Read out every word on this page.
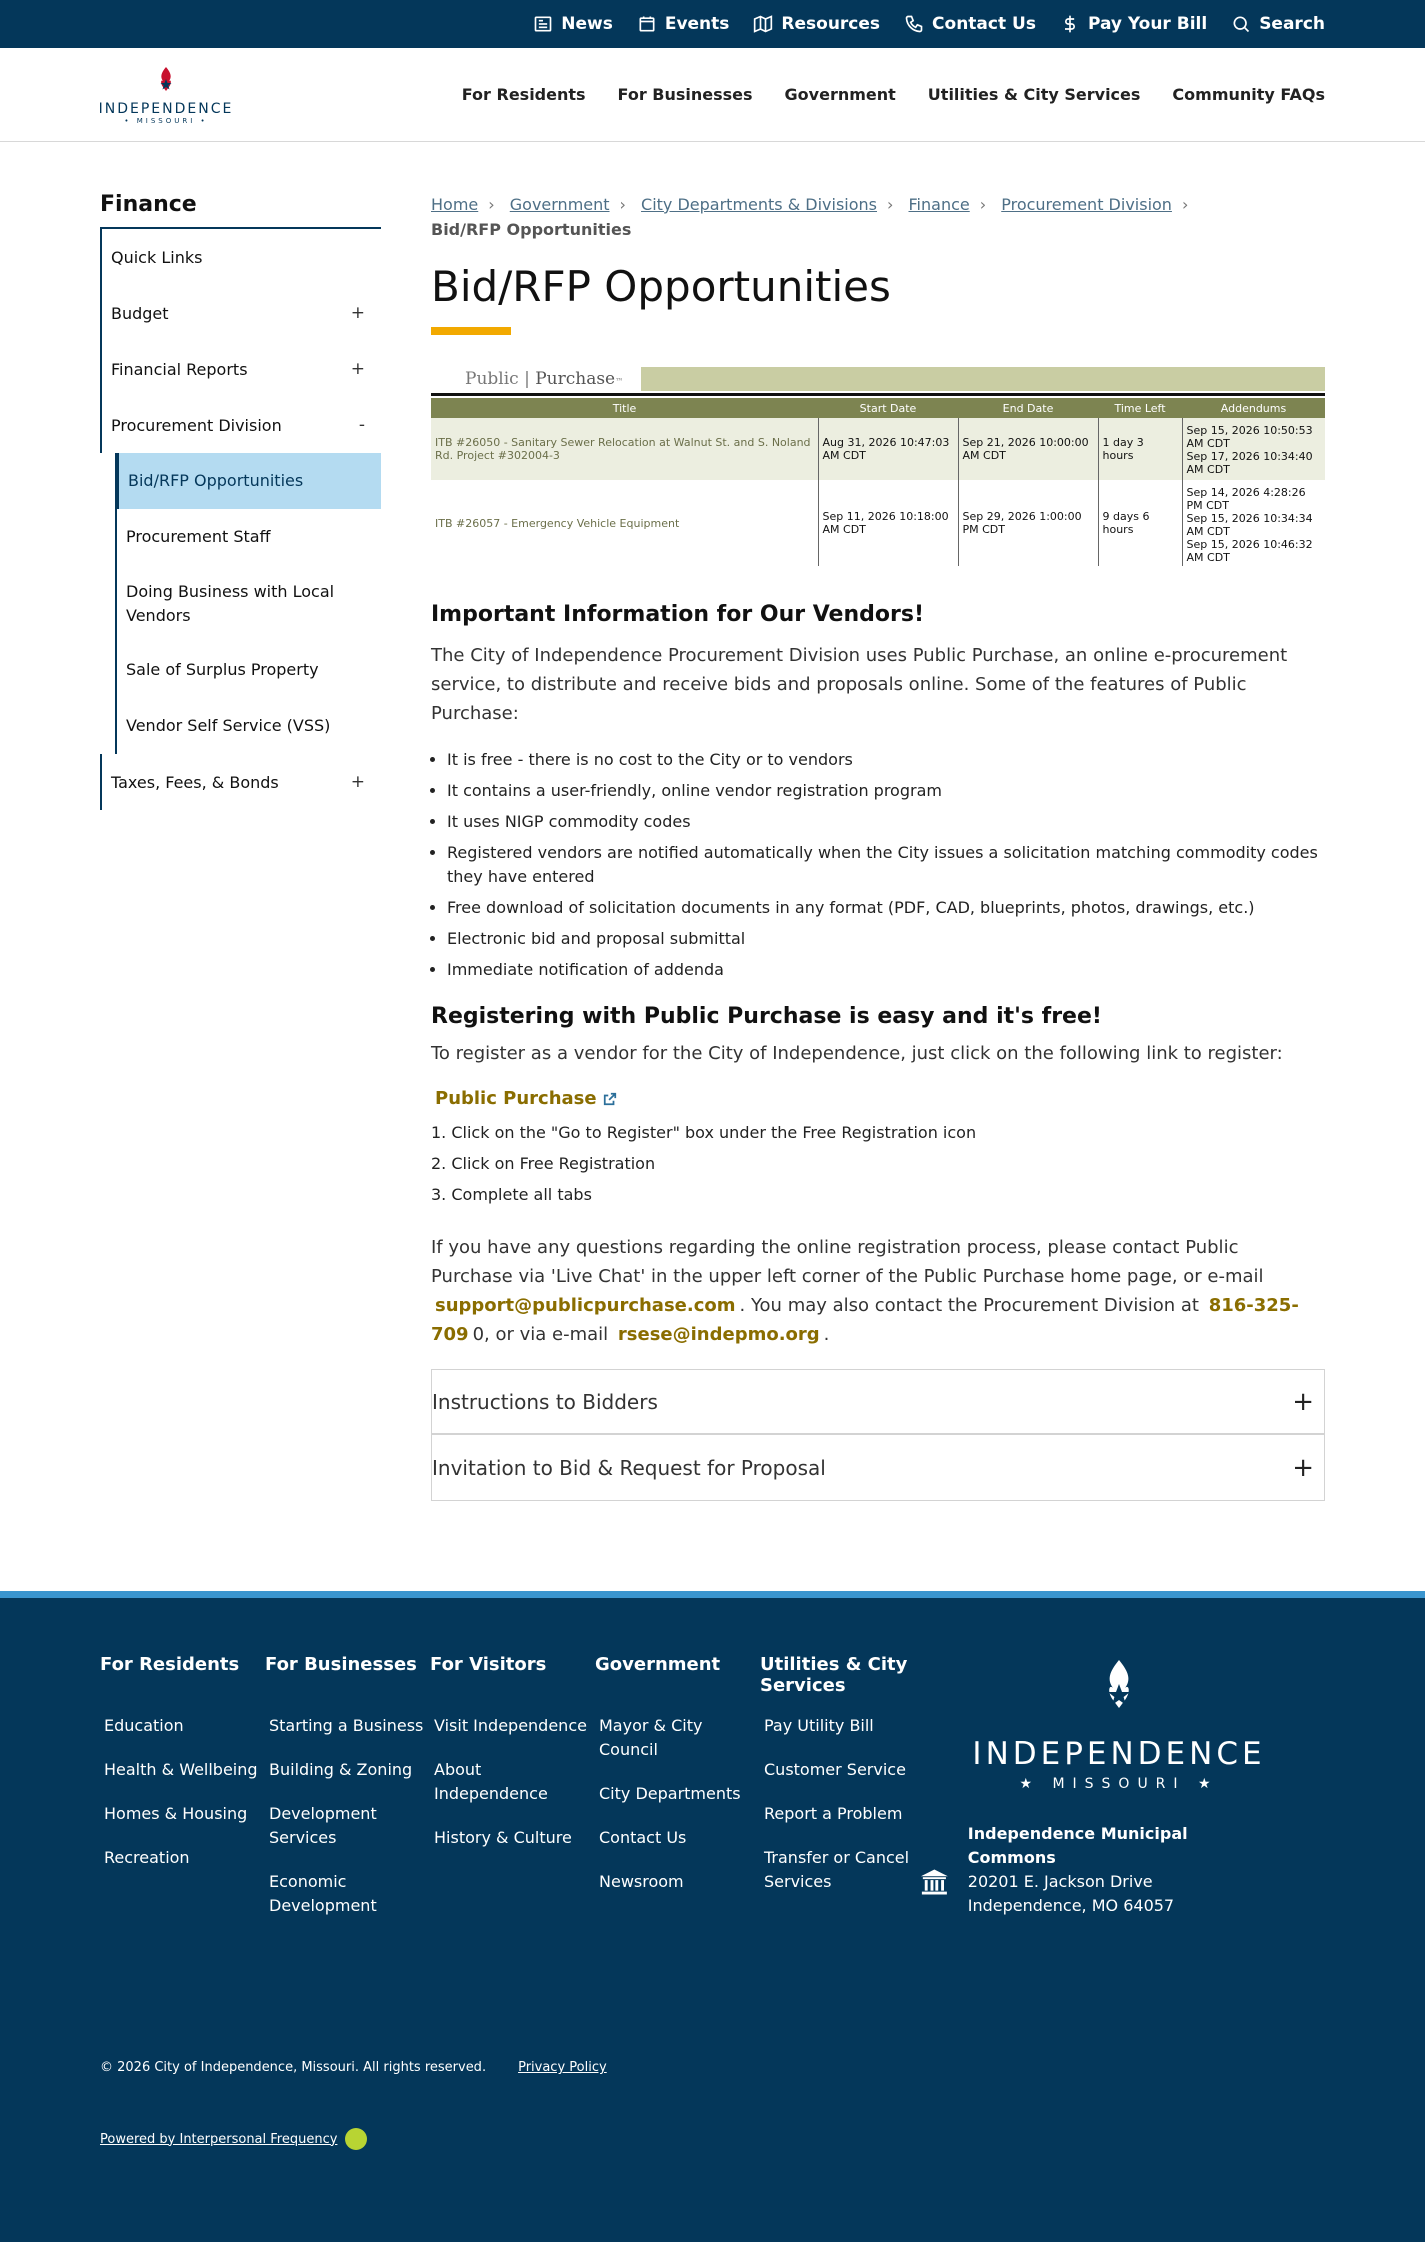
News	Events	Resources	Contact Us	Pay Your Bill	Search
INDEPENDENCE
• MISSOURI •
For Residents For Businesses Government Utilities & City Services Community FAQs
Finance
Quick Links
Budget	+
Financial Reports	+
Procurement Division	-
Bid/RFP Opportunities
Procurement Staff
Doing Business with Local Vendors
Sale of Surplus Property
Vendor Self Service (VSS)
Taxes, Fees, & Bonds	+
Home › Government › City Departments & Divisions › Finance › Procurement Division ›
Bid/RFP Opportunities
Bid/RFP Opportunities
Public | Purchase™
Title	Start Date	End Date	Time Left	Addendums
ITB #26050 - Sanitary Sewer Relocation at Walnut St. and S. Noland Rd. Project #302004-3	Aug 31, 2026 10:47:03 AM CDT	Sep 21, 2026 10:00:00 AM CDT	1 day 3 hours	Sep 15, 2026 10:50:53 AM CDT
Sep 17, 2026 10:34:40 AM CDT

ITB #26057 - Emergency Vehicle Equipment	Sep 11, 2026 10:18:00 AM CDT	Sep 29, 2026 1:00:00 PM CDT	9 days 6 hours	Sep 14, 2026 4:28:26 PM CDT
Sep 15, 2026 10:34:34 AM CDT
Sep 15, 2026 10:46:32 AM CDT
Important Information for Our Vendors!

The City of Independence Procurement Division uses Public Purchase, an online e-procurement service, to distribute and receive bids and proposals online. Some of the features of Public Purchase:

• It is free - there is no cost to the City or to vendors
• It contains a user-friendly, online vendor registration program
• It uses NIGP commodity codes
• Registered vendors are notified automatically when the City issues a solicitation matching commodity codes they have entered
• Free download of solicitation documents in any format (PDF, CAD, blueprints, photos, drawings, etc.)
• Electronic bid and proposal submittal
• Immediate notification of addenda
Registering with Public Purchase is easy and it's free!

To register as a vendor for the City of Independence, just click on the following link to register:

Public Purchase
1. Click on the "Go to Register" box under the Free Registration icon
2. Click on Free Registration
3. Complete all tabs

If you have any questions regarding the online registration process, please contact Public Purchase via 'Live Chat' in the upper left corner of the Public Purchase home page, or e-mail support@publicpurchase.com . You may also contact the Procurement Division at 816-325-709 0, or via e-mail rsese@indepmo.org .

Instructions to Bidders	+
Invitation to Bid & Request for Proposal	+
For Residents
Education
Health & Wellbeing
Homes & Housing
Recreation
For Businesses
Starting a Business
Building & Zoning
Development Services
Economic Development
For Visitors
Visit Independence
About Independence
History & Culture
Government
Mayor & City Council
City Departments
Contact Us
Newsroom
Utilities & City Services
Pay Utility Bill
Customer Service
Report a Problem
Transfer or Cancel Services
INDEPENDENCE
★ MISSOURI ★
Independence Municipal Commons
20201 E. Jackson Drive
Independence, MO 64057
© 2026 City of Independence, Missouri. All rights reserved. Privacy Policy
Powered by Interpersonal Frequency
